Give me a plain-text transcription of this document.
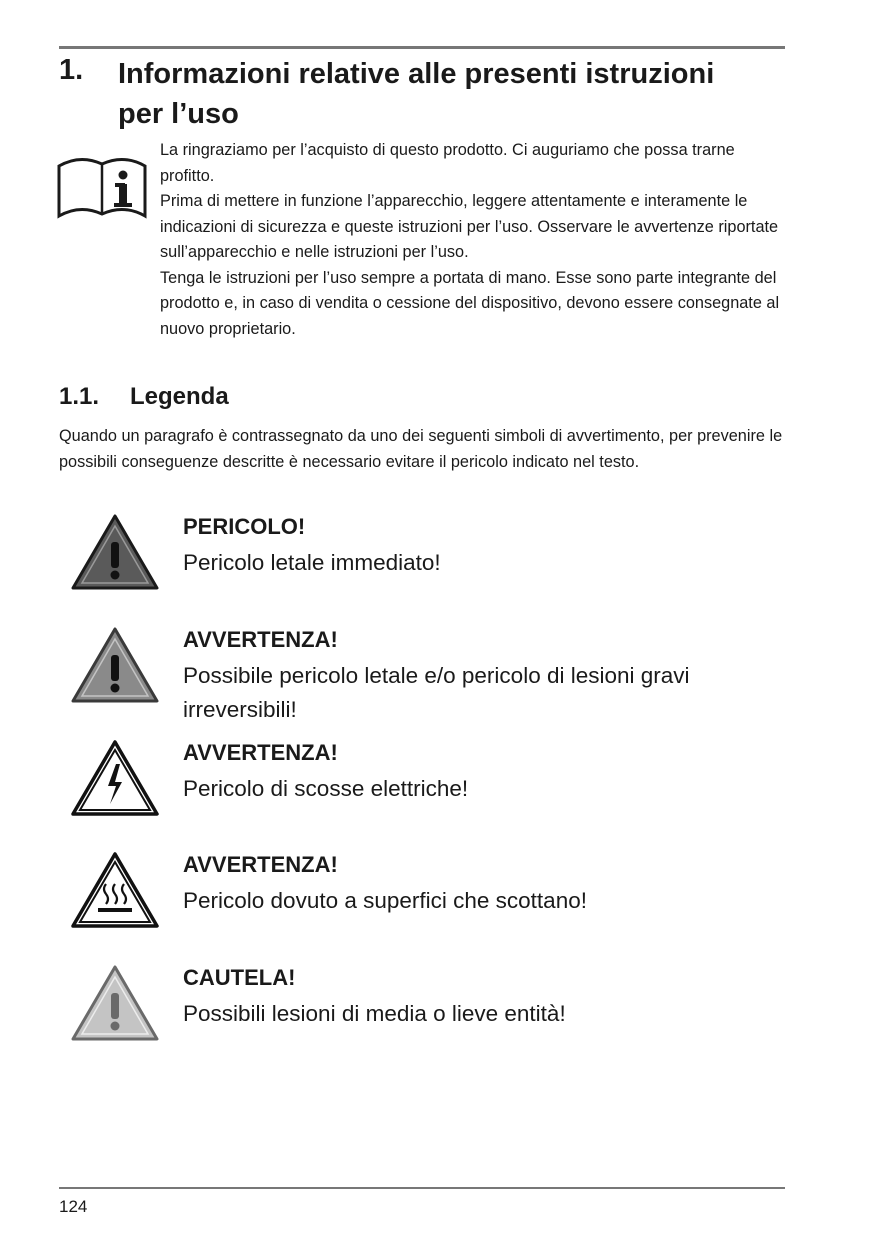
1. Informazioni relative alle presenti istruzioni per l’uso

La ringraziamo per l’acquisto di questo prodotto. Ci auguriamo che possa trarne profitto.

Prima di mettere in funzione l’apparecchio, leggere attentamente e interamente le indicazioni di sicurezza e queste istruzioni per l’uso. Osservare le avvertenze riportate sull’apparecchio e nelle istruzioni per l’uso.

Tenga le istruzioni per l’uso sempre a portata di mano. Esse sono parte integrante del prodotto e, in caso di vendita o cessione del dispositivo, devono essere consegnate al nuovo proprietario.

1.1. Legenda

Quando un paragrafo è contrassegnato da uno dei seguenti simboli di avvertimento, per prevenire le possibili conseguenze descritte è necessario evitare il pericolo indicato nel testo.

PERICOLO!
Pericolo letale immediato!
AVVERTENZA!
Possibile pericolo letale e/o pericolo di lesioni gravi irreversibili!
AVVERTENZA!
Pericolo di scosse elettriche!
AVVERTENZA!
Pericolo dovuto a superfici che scottano!
CAUTELA!
Possibili lesioni di media o lieve entità!
124
